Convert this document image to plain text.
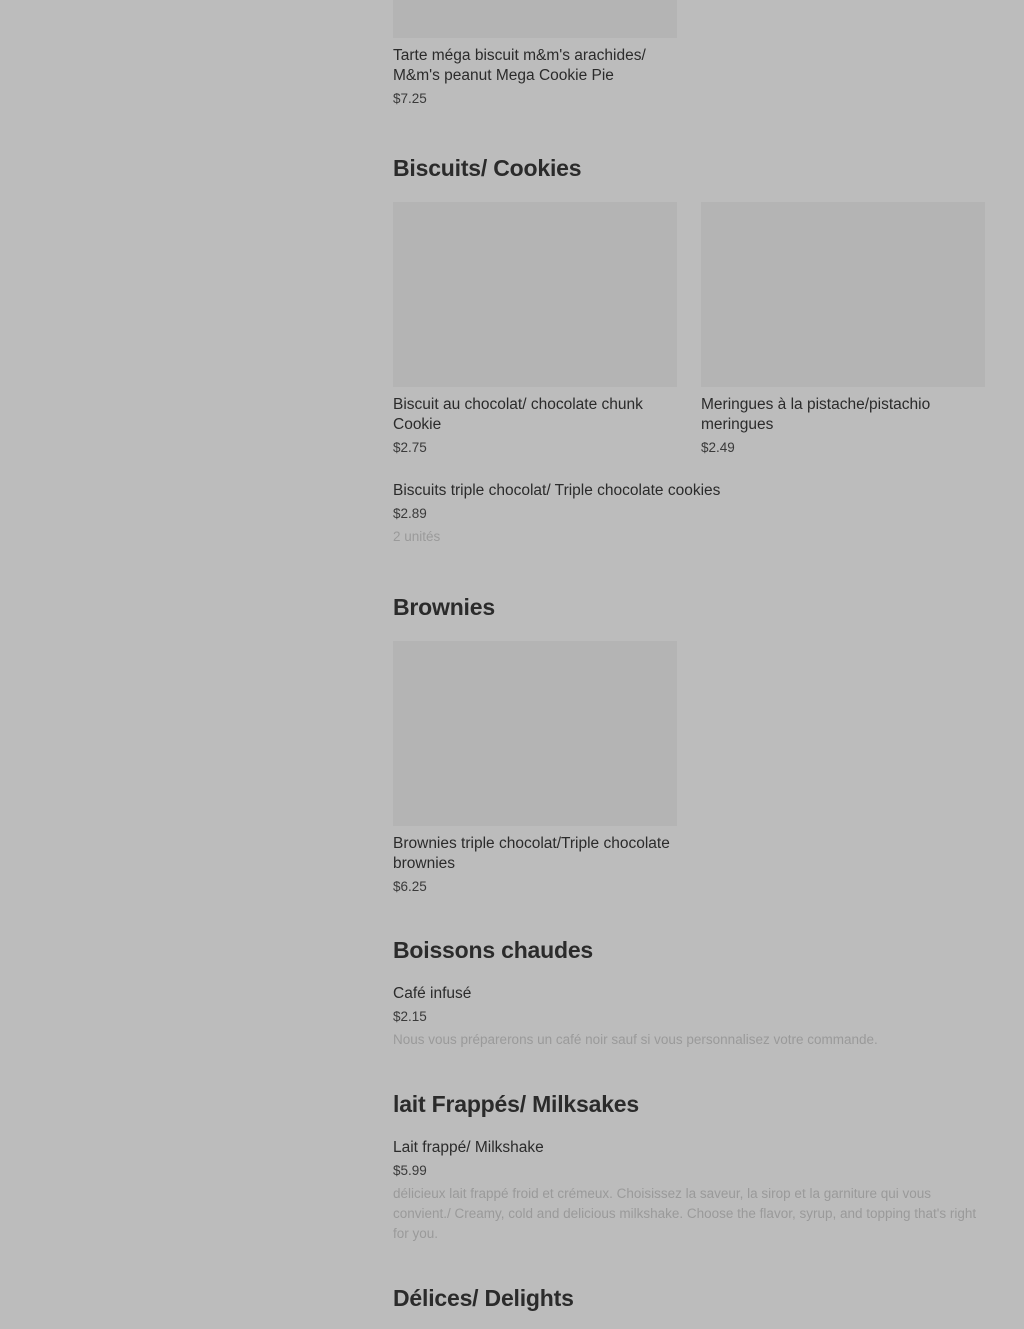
Tarte méga biscuit m&m's arachides/ M&m's peanut Mega Cookie Pie
$7.25
Biscuits/ Cookies
Biscuit au chocolat/ chocolate chunk Cookie
$2.75
Meringues à la pistache/pistachio meringues
$2.49
Biscuits triple chocolat/ Triple chocolate cookies
$2.89
2 unités
Brownies
Brownies triple chocolat/Triple chocolate brownies
$6.25
Boissons chaudes
Café infusé
$2.15
Nous vous préparerons un café noir sauf si vous personnalisez votre commande.
lait Frappés/ Milksakes
Lait frappé/ Milkshake
$5.99
délicieux lait frappé froid et crémeux. Choisissez la saveur, la sirop et la garniture qui vous convient./ Creamy, cold and delicious milkshake. Choose the flavor, syrup, and topping that's right for you.
Délices/ Delights
